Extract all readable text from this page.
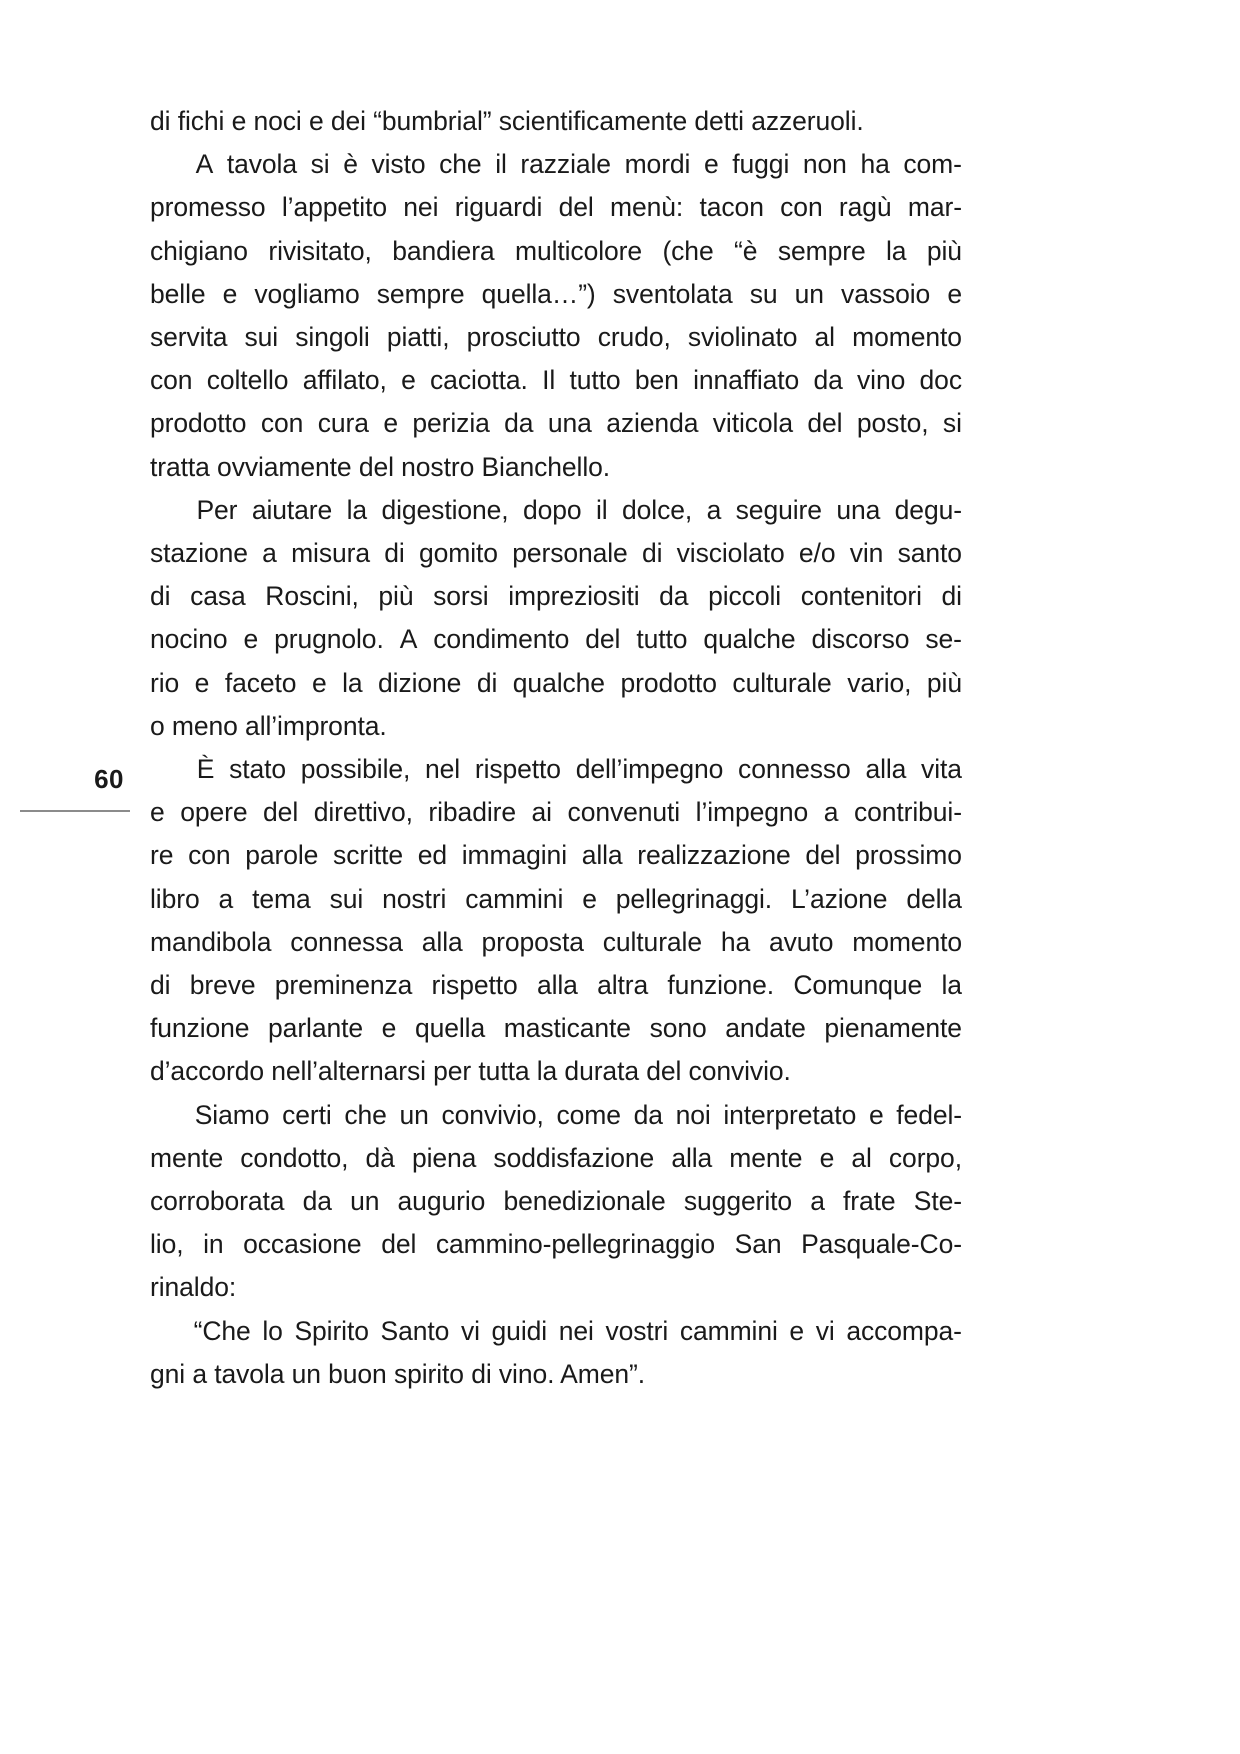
60

di fichi e noci e dei “bumbrial” scientificamente detti azzeruoli.

A tavola si è visto che il razziale mordi e fuggi non ha com-
promesso l’appetito nei riguardi del menù: tacon con ragù mar-
chigiano rivisitato, bandiera multicolore (che “è sempre la più
belle e vogliamo sempre quella…”) sventolata su un vassoio e
servita sui singoli piatti, prosciutto crudo, sviolinato al momento
con coltello affilato, e caciotta. Il tutto ben innaffiato da vino doc
prodotto con cura e perizia da una azienda viticola del posto, si
tratta ovviamente del nostro Bianchello.

Per aiutare la digestione, dopo il dolce, a seguire una degu-
stazione a misura di gomito personale di visciolato e/o vin santo
di casa Roscini, più sorsi impreziositi da piccoli contenitori di
nocino e prugnolo. A condimento del tutto qualche discorso se-
rio e faceto e la dizione di qualche prodotto culturale vario, più
o meno all’impronta.

È stato possibile, nel rispetto dell’impegno connesso alla vita
e opere del direttivo, ribadire ai convenuti l’impegno a contribui-
re con parole scritte ed immagini alla realizzazione del prossimo
libro a tema sui nostri cammini e pellegrinaggi. L’azione della
mandibola connessa alla proposta culturale ha avuto momento
di breve preminenza rispetto alla altra funzione. Comunque la
funzione parlante e quella masticante sono andate pienamente
d’accordo nell’alternarsi per tutta la durata del convivio.

Siamo certi che un convivio, come da noi interpretato e fedel-
mente condotto, dà piena soddisfazione alla mente e al corpo,
corroborata da un augurio benedizionale suggerito a frate Ste-
lio, in occasione del cammino-pellegrinaggio San Pasquale-Co-
rinaldo:

“Che lo Spirito Santo vi guidi nei vostri cammini e vi accompa-
gni a tavola un buon spirito di vino. Amen”.
